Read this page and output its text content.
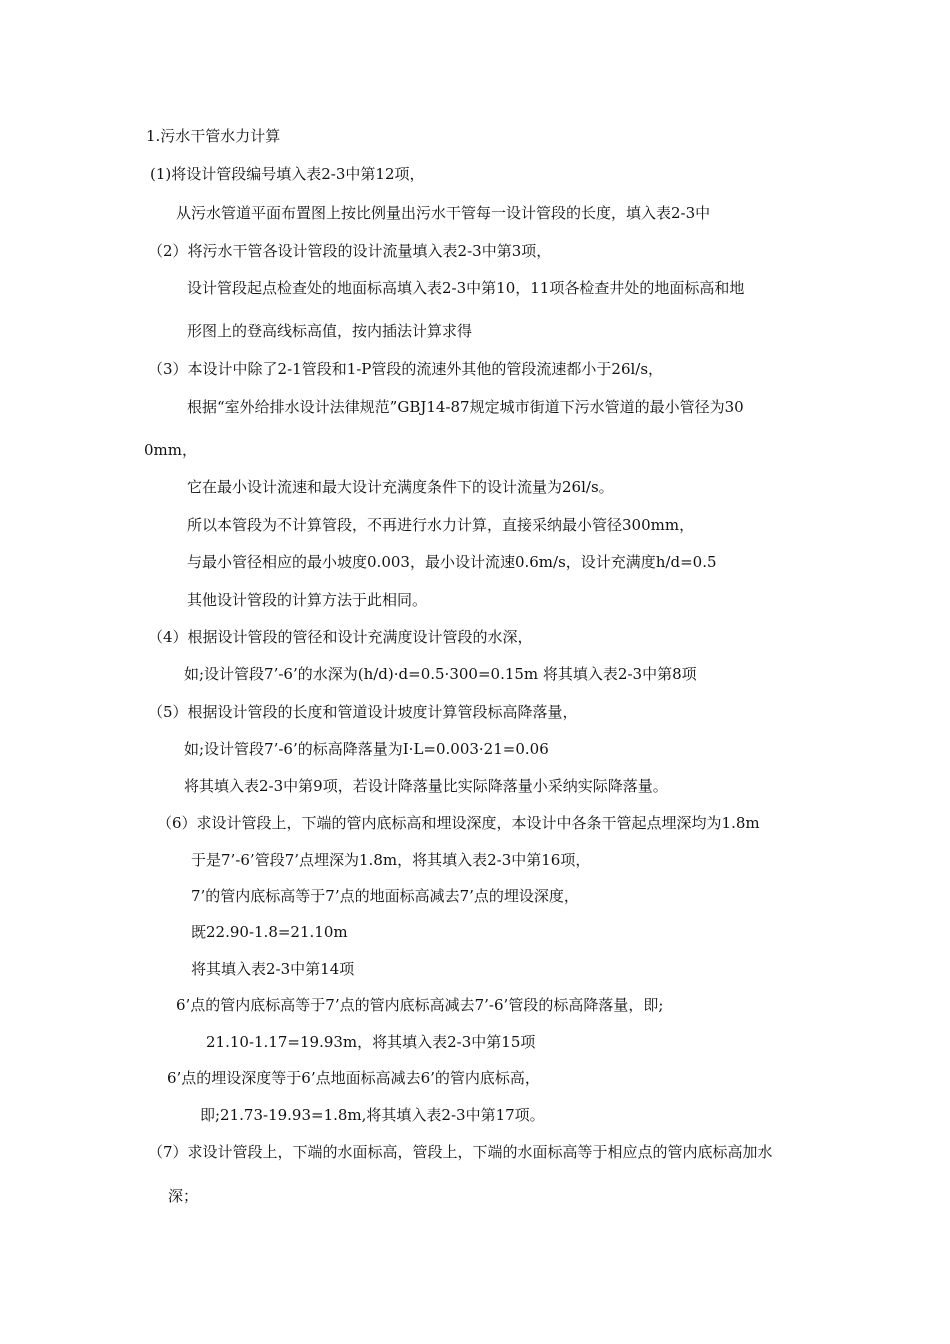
1.污水干管水力计算
(1)将设计管段编号填入表2-3中第12项，
从污水管道平面布置图上按比例量出污水干管每一设计管段的长度，填入表2-3中
（2）将污水干管各设计管段的设计流量填入表2-3中第3项，
设计管段起点检查处的地面标高填入表2-3中第10，11项各检查井处的地面标高和地
形图上的登高线标高值，按内插法计算求得
（3）本设计中除了2-1管段和1-P管段的流速外其他的管段流速都小于26l/s，
根据“室外给排水设计法律规范”GBJ14-87规定城市街道下污水管道的最小管径为30
0mm，
它在最小设计流速和最大设计充满度条件下的设计流量为26l/s。
所以本管段为不计算管段，不再进行水力计算，直接采纳最小管径300mm，
与最小管径相应的最小坡度0.003，最小设计流速0.6m/s，设计充满度h/d=0.5
其他设计管段的计算方法于此相同。
（4）根据设计管段的管径和设计充满度设计管段的水深，
如;设计管段7’-6’的水深为(h/d)·d=0.5·300=0.15m 将其填入表2-3中第8项
（5）根据设计管段的长度和管道设计坡度计算管段标高降落量，
如;设计管段7’-6’的标高降落量为I·L=0.003·21=0.06
将其填入表2-3中第9项，若设计降落量比实际降落量小采纳实际降落量。
（6）求设计管段上，下端的管内底标高和埋设深度，本设计中各条干管起点埋深均为1.8m
于是7’-6’管段7’点埋深为1.8m，将其填入表2-3中第16项，
7’的管内底标高等于7’点的地面标高减去7’点的埋设深度，
既22.90-1.8=21.10m
将其填入表2-3中第14项
6’点的管内底标高等于7’点的管内底标高减去7’-6’管段的标高降落量，即;
21.10-1.17=19.93m，将其填入表2-3中第15项
6’点的埋设深度等于6’点地面标高减去6’的管内底标高，
即;21.73-19.93=1.8m,将其填入表2-3中第17项。
（7）求设计管段上，下端的水面标高，管段上，下端的水面标高等于相应点的管内底标高加水
深；
